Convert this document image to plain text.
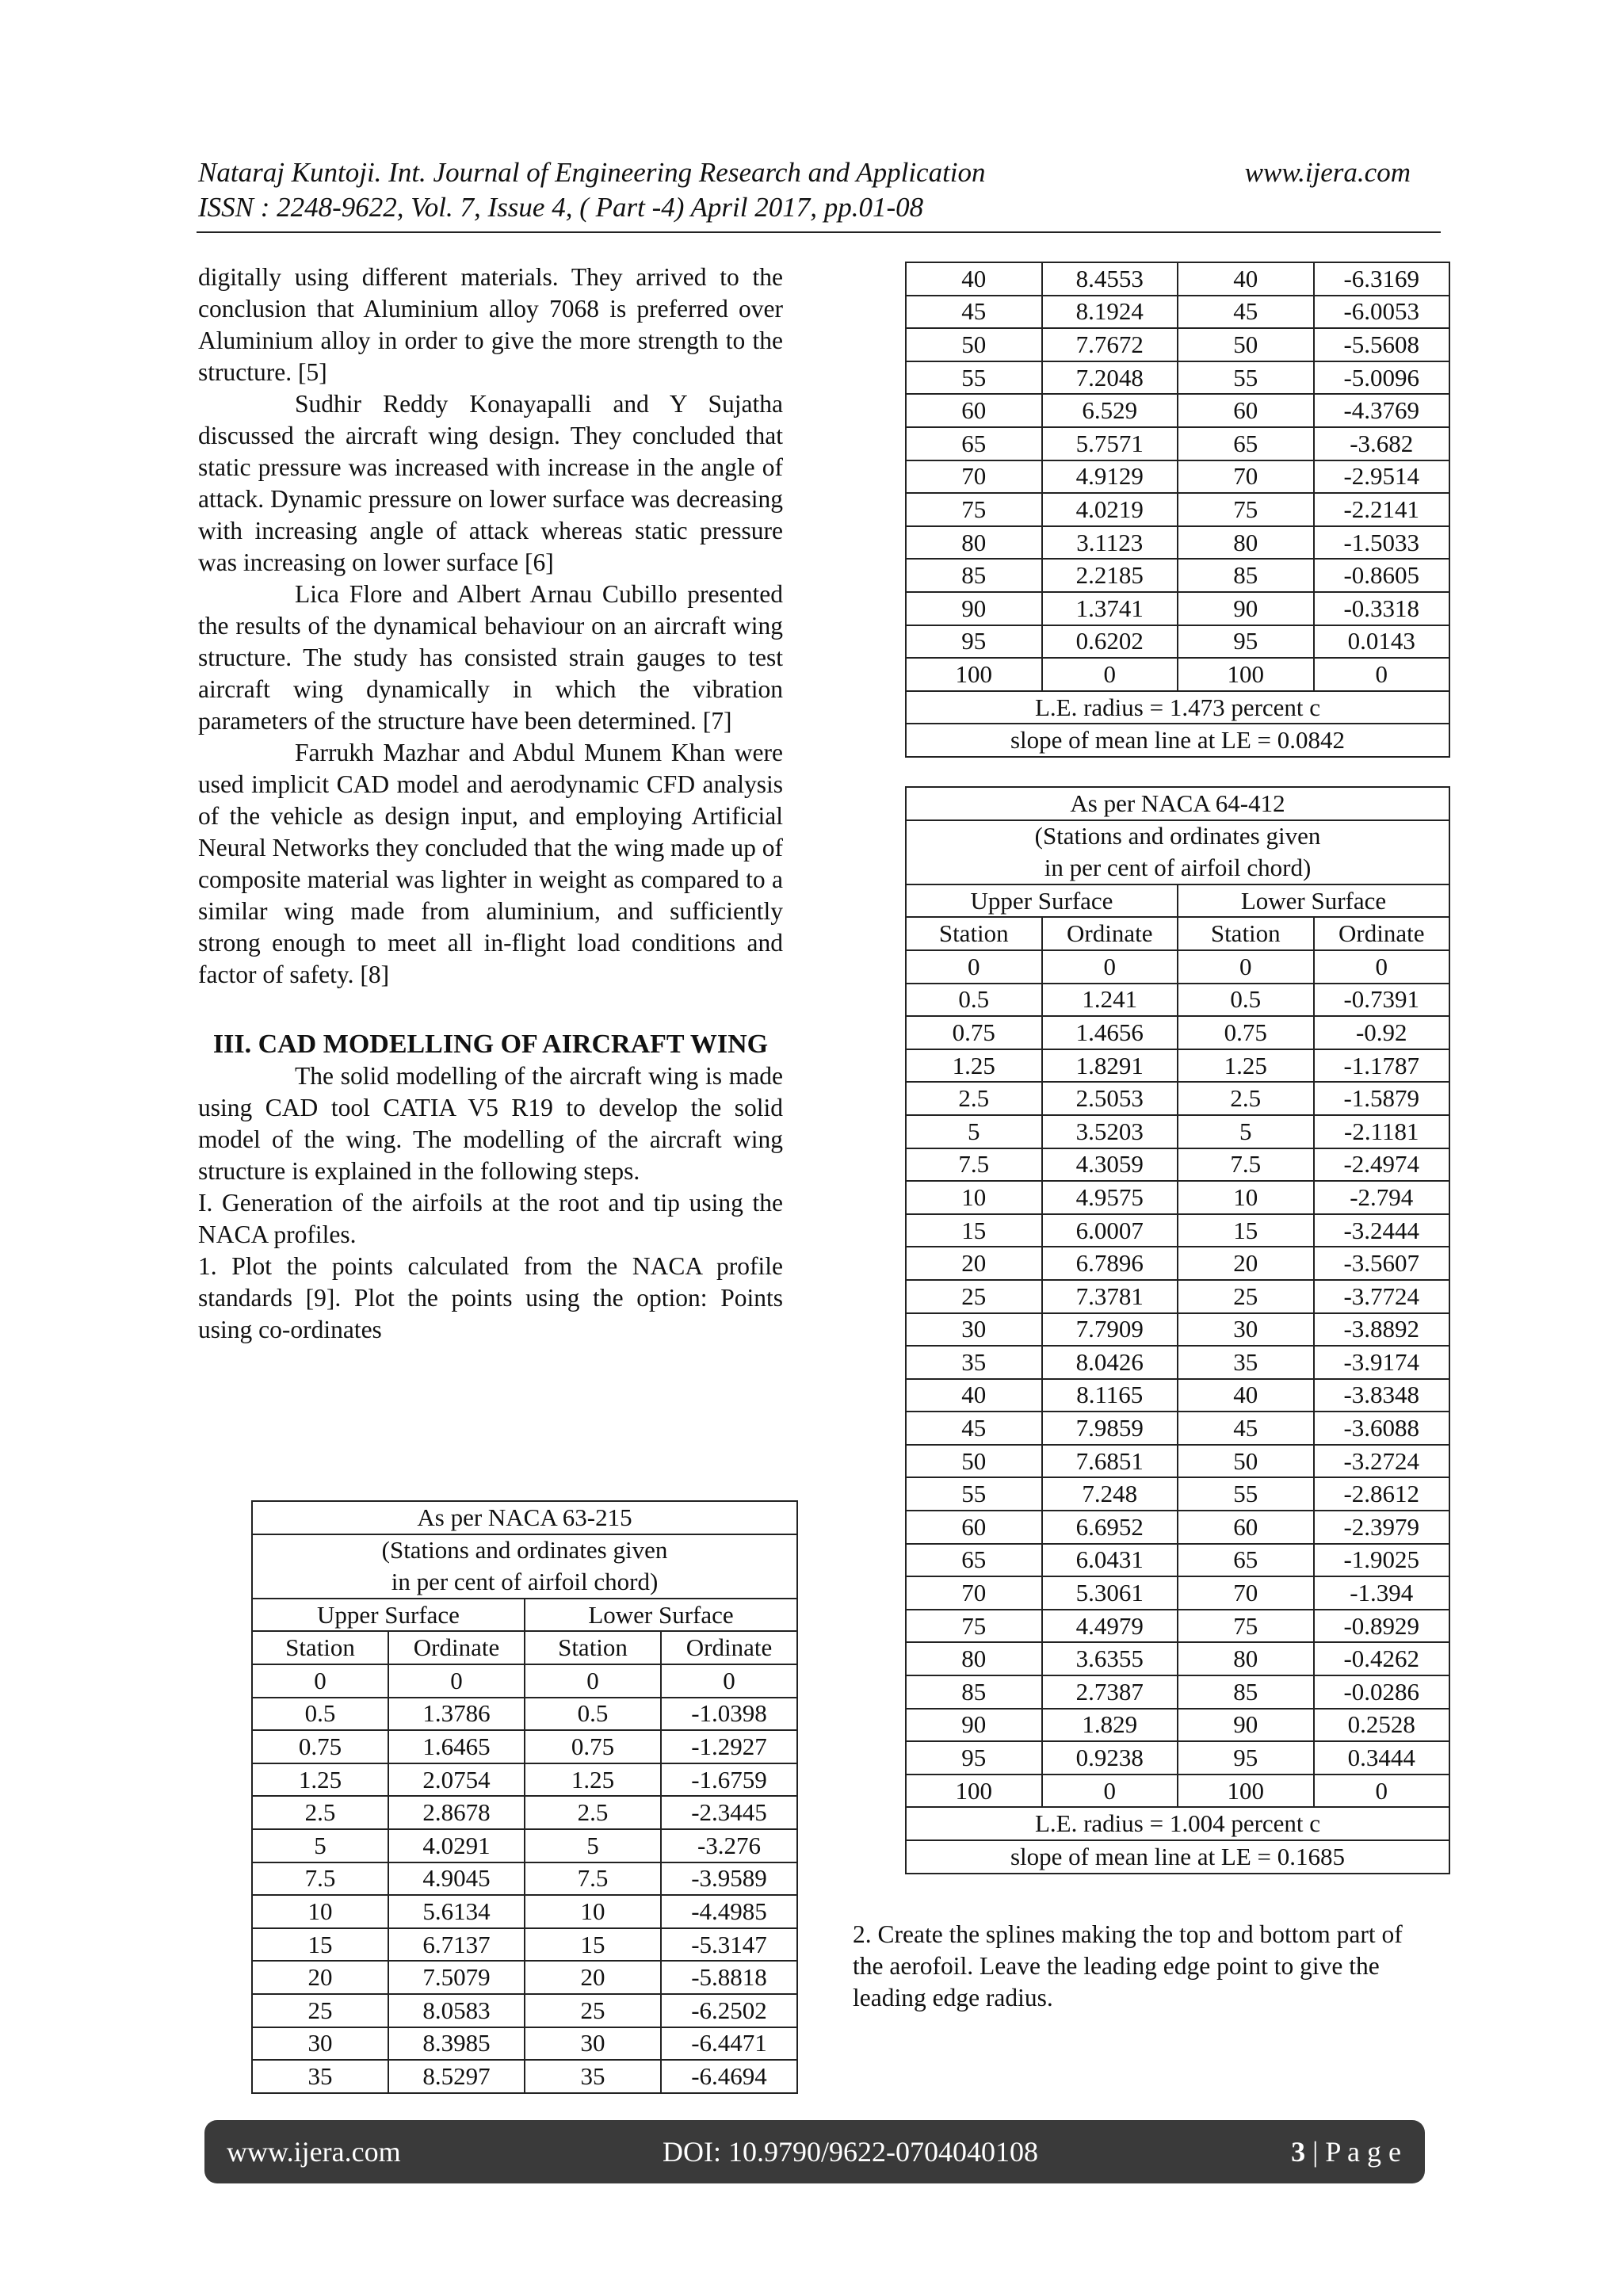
Nataraj Kuntoji. Int. Journal of Engineering Research and Application	www.ijera.com
ISSN : 2248-9622, Vol. 7, Issue 4, ( Part -4) April 2017, pp.01-08

digitally using different materials. They arrived to the conclusion that Aluminium alloy 7068 is preferred over Aluminium alloy in order to give the more strength to the structure. [5]

Sudhir Reddy Konayapalli and Y Sujatha discussed the aircraft wing design. They concluded that static pressure was increased with increase in the angle of attack. Dynamic pressure on lower surface was decreasing with increasing angle of attack whereas static pressure was increasing on lower surface [6]

Lica Flore and Albert Arnau Cubillo presented the results of the dynamical behaviour on an aircraft wing structure. The study has consisted strain gauges to test aircraft wing dynamically in which the vibration parameters of the structure have been determined. [7]

Farrukh Mazhar and Abdul Munem Khan were used implicit CAD model and aerodynamic CFD analysis of the vehicle as design input, and employing Artificial Neural Networks they concluded that the wing made up of composite material was lighter in weight as compared to a similar wing made from aluminium, and sufficiently strong enough to meet all in-flight load conditions and factor of safety. [8]

III. CAD MODELLING OF AIRCRAFT WING

The solid modelling of the aircraft wing is made using CAD tool CATIA V5 R19 to develop the solid model of the wing. The modelling of the aircraft wing structure is explained in the following steps.

I. Generation of the airfoils at the root and tip using the NACA profiles.

1. Plot the points calculated from the NACA profile standards [9]. Plot the points using the option: Points using co-ordinates

As per NACA 63-215			
(Stations and ordinates given			
in per cent of airfoil chord)			
Upper Surface		Lower Surface	
Station	Ordinate	Station	Ordinate
0	0	0	0
0.5	1.3786	0.5	-1.0398
0.75	1.6465	0.75	-1.2927
1.25	2.0754	1.25	-1.6759
2.5	2.8678	2.5	-2.3445
5	4.0291	5	-3.276
7.5	4.9045	7.5	-3.9589
10	5.6134	10	-4.4985
15	6.7137	15	-5.3147
20	7.5079	20	-5.8818
25	8.0583	25	-6.2502
30	8.3985	30	-6.4471
35	8.5297	35	-6.4694
40	8.4553	40	-6.3169
45	8.1924	45	-6.0053
50	7.7672	50	-5.5608
55	7.2048	55	-5.0096
60	6.529	60	-4.3769
65	5.7571	65	-3.682
70	4.9129	70	-2.9514
75	4.0219	75	-2.2141
80	3.1123	80	-1.5033
85	2.2185	85	-0.8605
90	1.3741	90	-0.3318
95	0.6202	95	0.0143
100	0	100	0
L.E. radius = 1.473 percent c			
slope of mean line at LE = 0.0842			
As per NACA 64-412			
(Stations and ordinates given			
in per cent of airfoil chord)			
Upper Surface		Lower Surface	
Station	Ordinate	Station	Ordinate
0	0	0	0
0.5	1.241	0.5	-0.7391
0.75	1.4656	0.75	-0.92
1.25	1.8291	1.25	-1.1787
2.5	2.5053	2.5	-1.5879
5	3.5203	5	-2.1181
7.5	4.3059	7.5	-2.4974
10	4.9575	10	-2.794
15	6.0007	15	-3.2444
20	6.7896	20	-3.5607
25	7.3781	25	-3.7724
30	7.7909	30	-3.8892
35	8.0426	35	-3.9174
40	8.1165	40	-3.8348
45	7.9859	45	-3.6088
50	7.6851	50	-3.2724
55	7.248	55	-2.8612
60	6.6952	60	-2.3979
65	6.0431	65	-1.9025
70	5.3061	70	-1.394
75	4.4979	75	-0.8929
80	3.6355	80	-0.4262
85	2.7387	85	-0.0286
90	1.829	90	0.2528
95	0.9238	95	0.3444
100	0	100	0
L.E. radius = 1.004 percent c			
slope of mean line at LE = 0.1685			

2. Create the splines making the top and bottom part of the aerofoil. Leave the leading edge point to give the leading edge radius.

www.ijera.com	DOI: 10.9790/9622-0704040108	3 | P a g e
